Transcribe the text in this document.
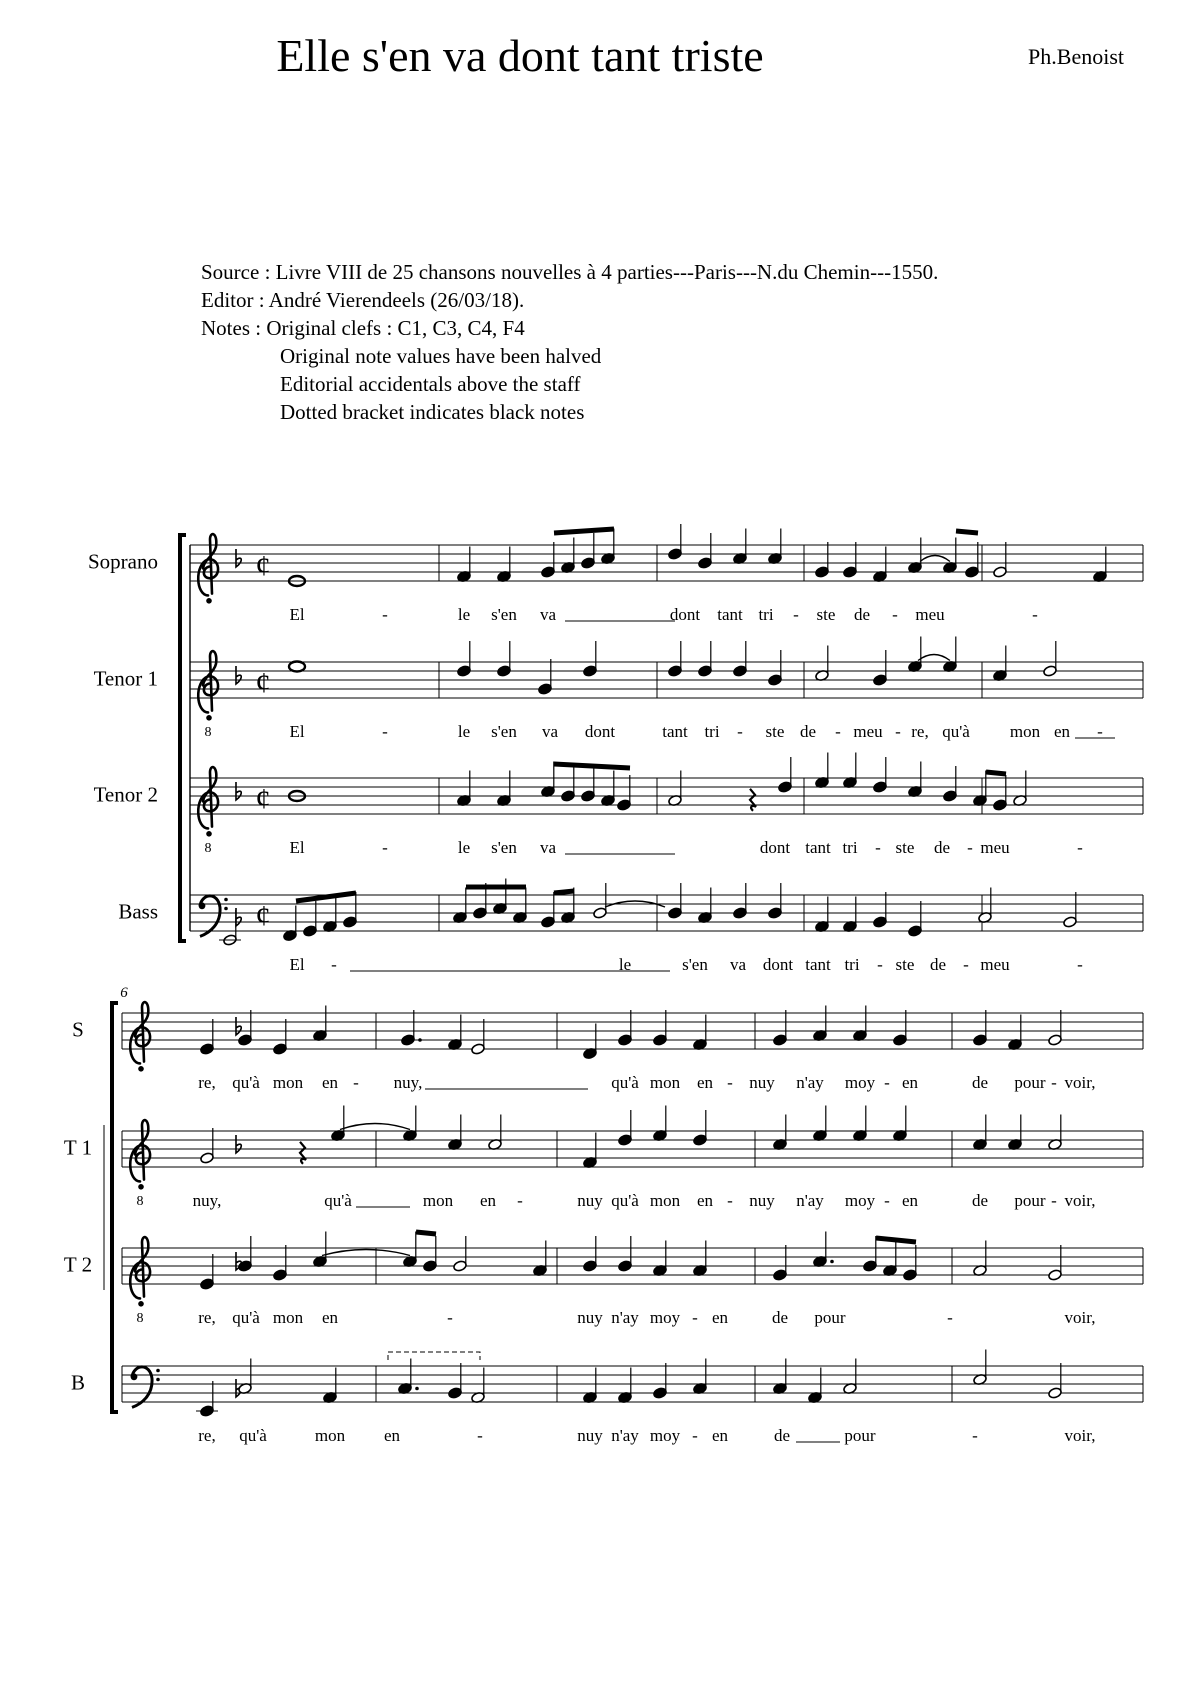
Elle s'en va dont tant triste	Ph.Benoist
Source : Livre VIII de 25 chansons nouvelles à 4 parties---Paris---N.du Chemin---1550.
Editor : André Vierendeels (26/03/18).
Notes : Original clefs : C1, C3, C4, F4
Original note values have been halved
Editorial accidentals above the staff
Dotted bracket indicates black notes
Soprano	¢
Tenor 1
8
¢
Tenor 2
8
¢
Bass	¢
S
T 1
8
T 2
8
B
6
El	-	le s'en va	dont tant tri - ste de - meu	-
El	-	le s'en va dont	tant tri - ste de - meu - re, qu'à mon en -
El	-	le s'en va	dont tant tri - ste de - meu	-
El -	le	s'en va dont tant tri - ste de - meu	-
re, qu'à mon en - nuy,	qu'à mon en - nuy n'ay moy - en	de pour - voir,
nuy,	qu'à	mon en -	nuy qu'à mon en - nuy n'ay moy - en	de pour - voir,
re, qu'à mon en	-	nuy n'ay moy - en	de pour	-	voir,
re, qu'à	mon en	-	nuy n'ay moy - en	de	pour	-	voir,
